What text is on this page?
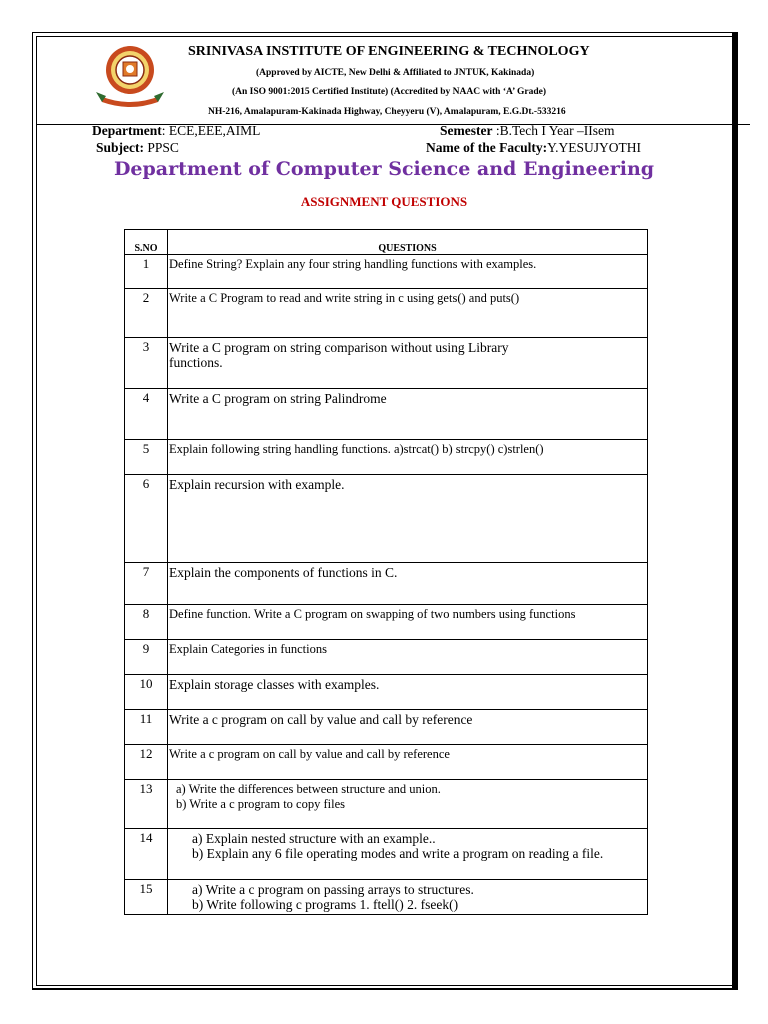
SRINIVASA INSTITUTE OF ENGINEERING & TECHNOLOGY
(Approved by AICTE, New Delhi & Affiliated to JNTUK, Kakinada)
(An ISO 9001:2015 Certified Institute) (Accredited by NAAC with ‘A’ Grade)
NH-216, Amalapuram-Kakinada Highway, Cheyyeru (V), Amalapuram, E.G.Dt.-533216
Department: ECE,EEE,AIML	Semester :B.Tech I Year –IIsem
Subject: PPSC	Name of the Faculty:Y.YESUJYOTHI
Department of Computer Science and Engineering
ASSIGNMENT QUESTIONS
S.NO	QUESTIONS
1	Define String? Explain any four string handling functions with examples.

2	Write a C Program to read and write string in c using gets() and puts()

3	Write a C program on string comparison without using Library
functions.

4	Write a C program on string Palindrome

5	Explain following string handling functions. a)strcat() b) strcpy() c)strlen()

6	Explain recursion with example.

7	Explain the components of functions in C.

8	Define function. Write a C program on swapping of two numbers using functions

9	Explain Categories in functions

10	Explain storage classes with examples.

11	Write a c program on call by value and call by reference

12	Write a c program on call by value and call by reference

13	a) Write the differences between structure and union.
b) Write a c program to copy files

14	a) Explain nested structure with an example..
b) Explain any 6 file operating modes and write a program on reading a file.

15	a) Write a c program on passing arrays to structures.
b) Write following c programs 1. ftell() 2. fseek()
